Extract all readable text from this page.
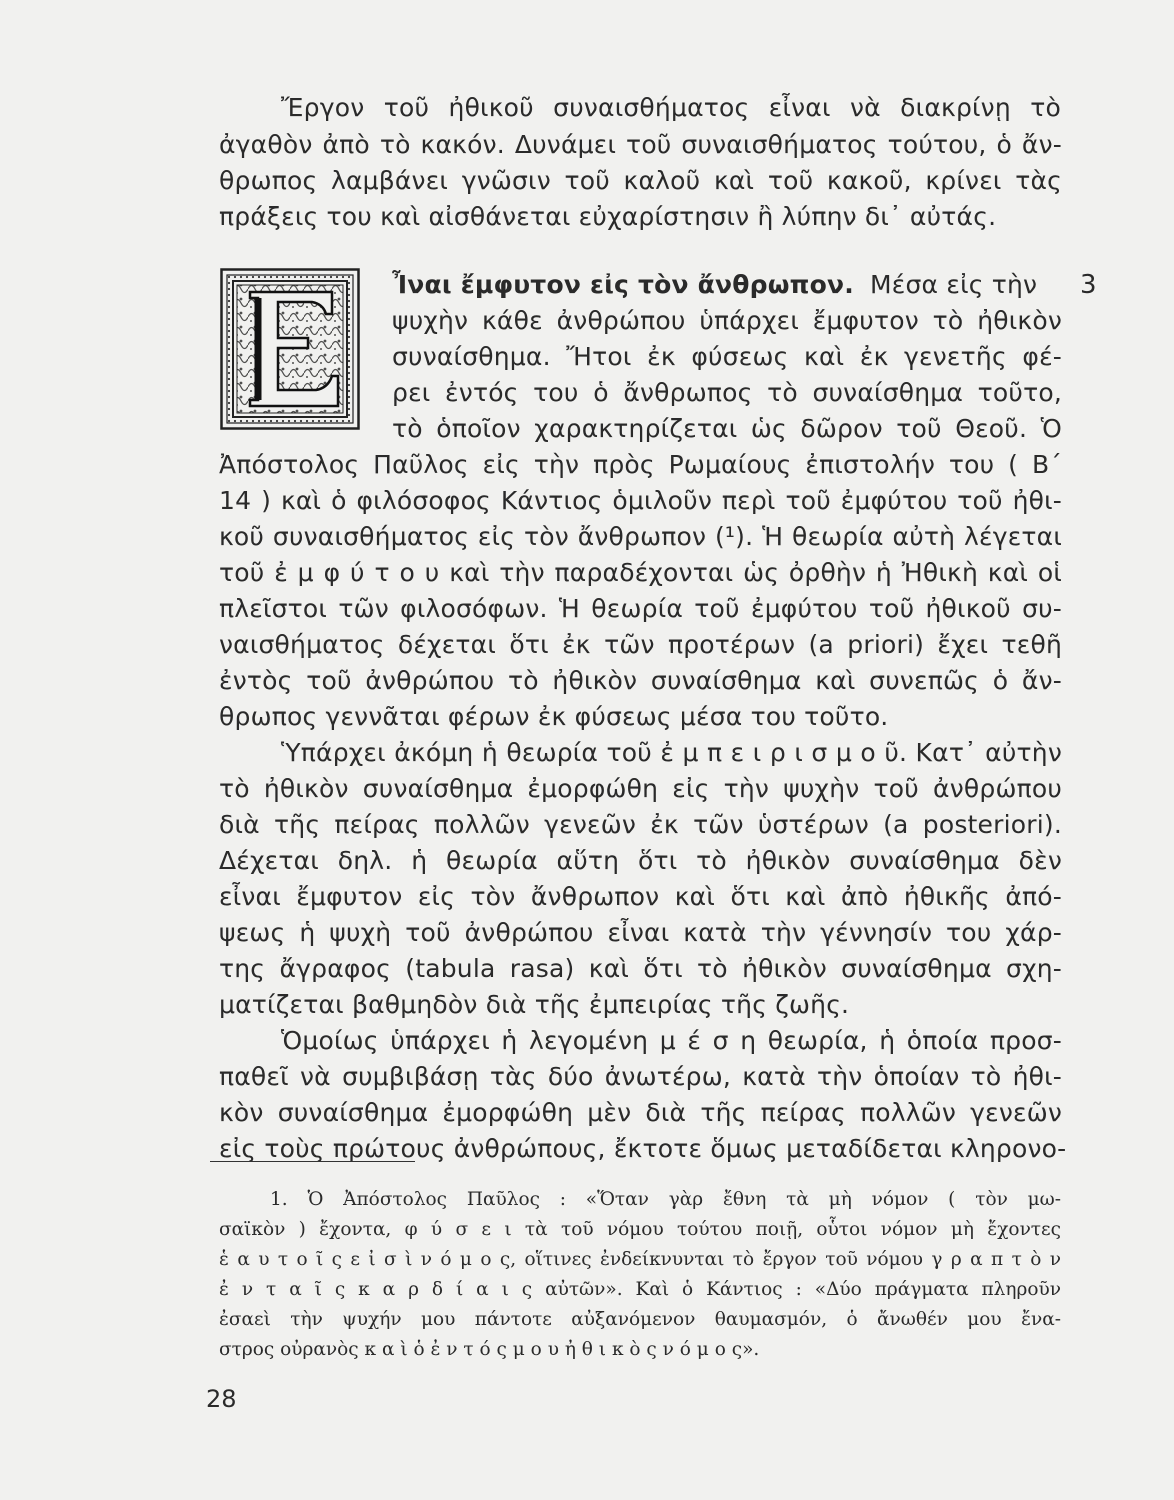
Ἔργον τοῦ ἠθικοῦ συναισθήματος εἶναι νὰ διακρίνῃ τὸ
ἀγαθὸν ἀπὸ τὸ κακόν. Δυνάμει τοῦ συναισθήματος τούτου, ὁ ἄν-
θρωπος λαμβάνει γνῶσιν τοῦ καλοῦ καὶ τοῦ κακοῦ, κρίνει τὰς
πράξεις του καὶ αἰσθάνεται εὐχαρίστησιν ἢ λύπην δι᾿ αὐτάς.
3
Ἶναι ἔμφυτον εἰς τὸν ἄνθρωπον. Μέσα εἰς τὴν
ψυχὴν κάθε ἀνθρώπου ὑπάρχει ἔμφυτον τὸ ἠθικὸν
συναίσθημα. Ἤτοι ἐκ φύσεως καὶ ἐκ γενετῆς φέ-
ρει ἐντός του ὁ ἄνθρωπος τὸ συναίσθημα τοῦτο,
τὸ ὁποῖον χαρακτηρίζεται ὡς δῶρον τοῦ Θεοῦ. Ὁ
Ἀπόστολος Παῦλος εἰς τὴν πρὸς Ρωμαίους ἐπιστολήν του ( Β΄
14 ) καὶ ὁ φιλόσοφος Κάντιος ὁμιλοῦν περὶ τοῦ ἐμφύτου τοῦ ἠθι-
κοῦ συναισθήματος εἰς τὸν ἄνθρωπον (¹). Ἡ θεωρία αὐτὴ λέγεται
τοῦ ἐ μ φ ύ τ ο υ καὶ τὴν παραδέχονται ὡς ὀρθὴν ἡ Ἠθικὴ καὶ οἱ
πλεῖστοι τῶν φιλοσόφων. Ἡ θεωρία τοῦ ἐμφύτου τοῦ ἠθικοῦ συ-
ναισθήματος δέχεται ὅτι ἐκ τῶν προτέρων (a priori) ἔχει τεθῆ
ἐντὸς τοῦ ἀνθρώπου τὸ ἠθικὸν συναίσθημα καὶ συνεπῶς ὁ ἄν-
θρωπος γεννᾶται φέρων ἐκ φύσεως μέσα του τοῦτο.
Ὑπάρχει ἀκόμη ἡ θεωρία τοῦ ἐ μ π ε ι ρ ι σ μ ο ῦ. Κατ᾿ αὐτὴν
τὸ ἠθικὸν συναίσθημα ἐμορφώθη εἰς τὴν ψυχὴν τοῦ ἀνθρώπου
διὰ τῆς πείρας πολλῶν γενεῶν ἐκ τῶν ὑστέρων (a posteriori).
Δέχεται δηλ. ἡ θεωρία αὕτη ὅτι τὸ ἠθικὸν συναίσθημα δὲν
εἶναι ἔμφυτον εἰς τὸν ἄνθρωπον καὶ ὅτι καὶ ἀπὸ ἠθικῆς ἀπό-
ψεως ἡ ψυχὴ τοῦ ἀνθρώπου εἶναι κατὰ τὴν γέννησίν του χάρ-
της ἄγραφος (tabula rasa) καὶ ὅτι τὸ ἠθικὸν συναίσθημα σχη-
ματίζεται βαθμηδὸν διὰ τῆς ἐμπειρίας τῆς ζωῆς.
Ὁμοίως ὑπάρχει ἡ λεγομένη μ έ σ η θεωρία, ἡ ὁποία προσ-
παθεῖ νὰ συμβιβάσῃ τὰς δύο ἀνωτέρω, κατὰ τὴν ὁποίαν τὸ ἠθι-
κὸν συναίσθημα ἐμορφώθη μὲν διὰ τῆς πείρας πολλῶν γενεῶν
εἰς τοὺς πρώτους ἀνθρώπους, ἔκτοτε ὅμως μεταδίδεται κληρονο-
1. Ὁ Ἀπόστολος Παῦλος : «Ὅταν γὰρ ἔθνη τὰ μὴ νόμον ( τὸν μω-
σαϊκὸν ) ἔχοντα, φ ύ σ ε ι τὰ τοῦ νόμου τούτου ποιῇ, οὗτοι νόμον μὴ ἔχοντες
ἑ α υ τ ο ῖ ς ε ἰ σ ὶ ν ό μ ο ς, οἵτινες ἐνδείκνυνται τὸ ἔργον τοῦ νόμου γ ρ α π τ ὸ ν
ἐ ν τ α ῖ ς κ α ρ δ ί α ι ς αὐτῶν». Καὶ ὁ Κάντιος : «Δύο πράγματα πληροῦν
ἐσαεὶ τὴν ψυχήν μου πάντοτε αὐξανόμενον θαυμασμόν, ὁ ἄνωθέν μου ἔνα-
στρος οὐρανὸς κ α ὶ ὁ ἐ ν τ ό ς μ ο υ ἠ θ ι κ ὸ ς ν ό μ ο ς».
28
